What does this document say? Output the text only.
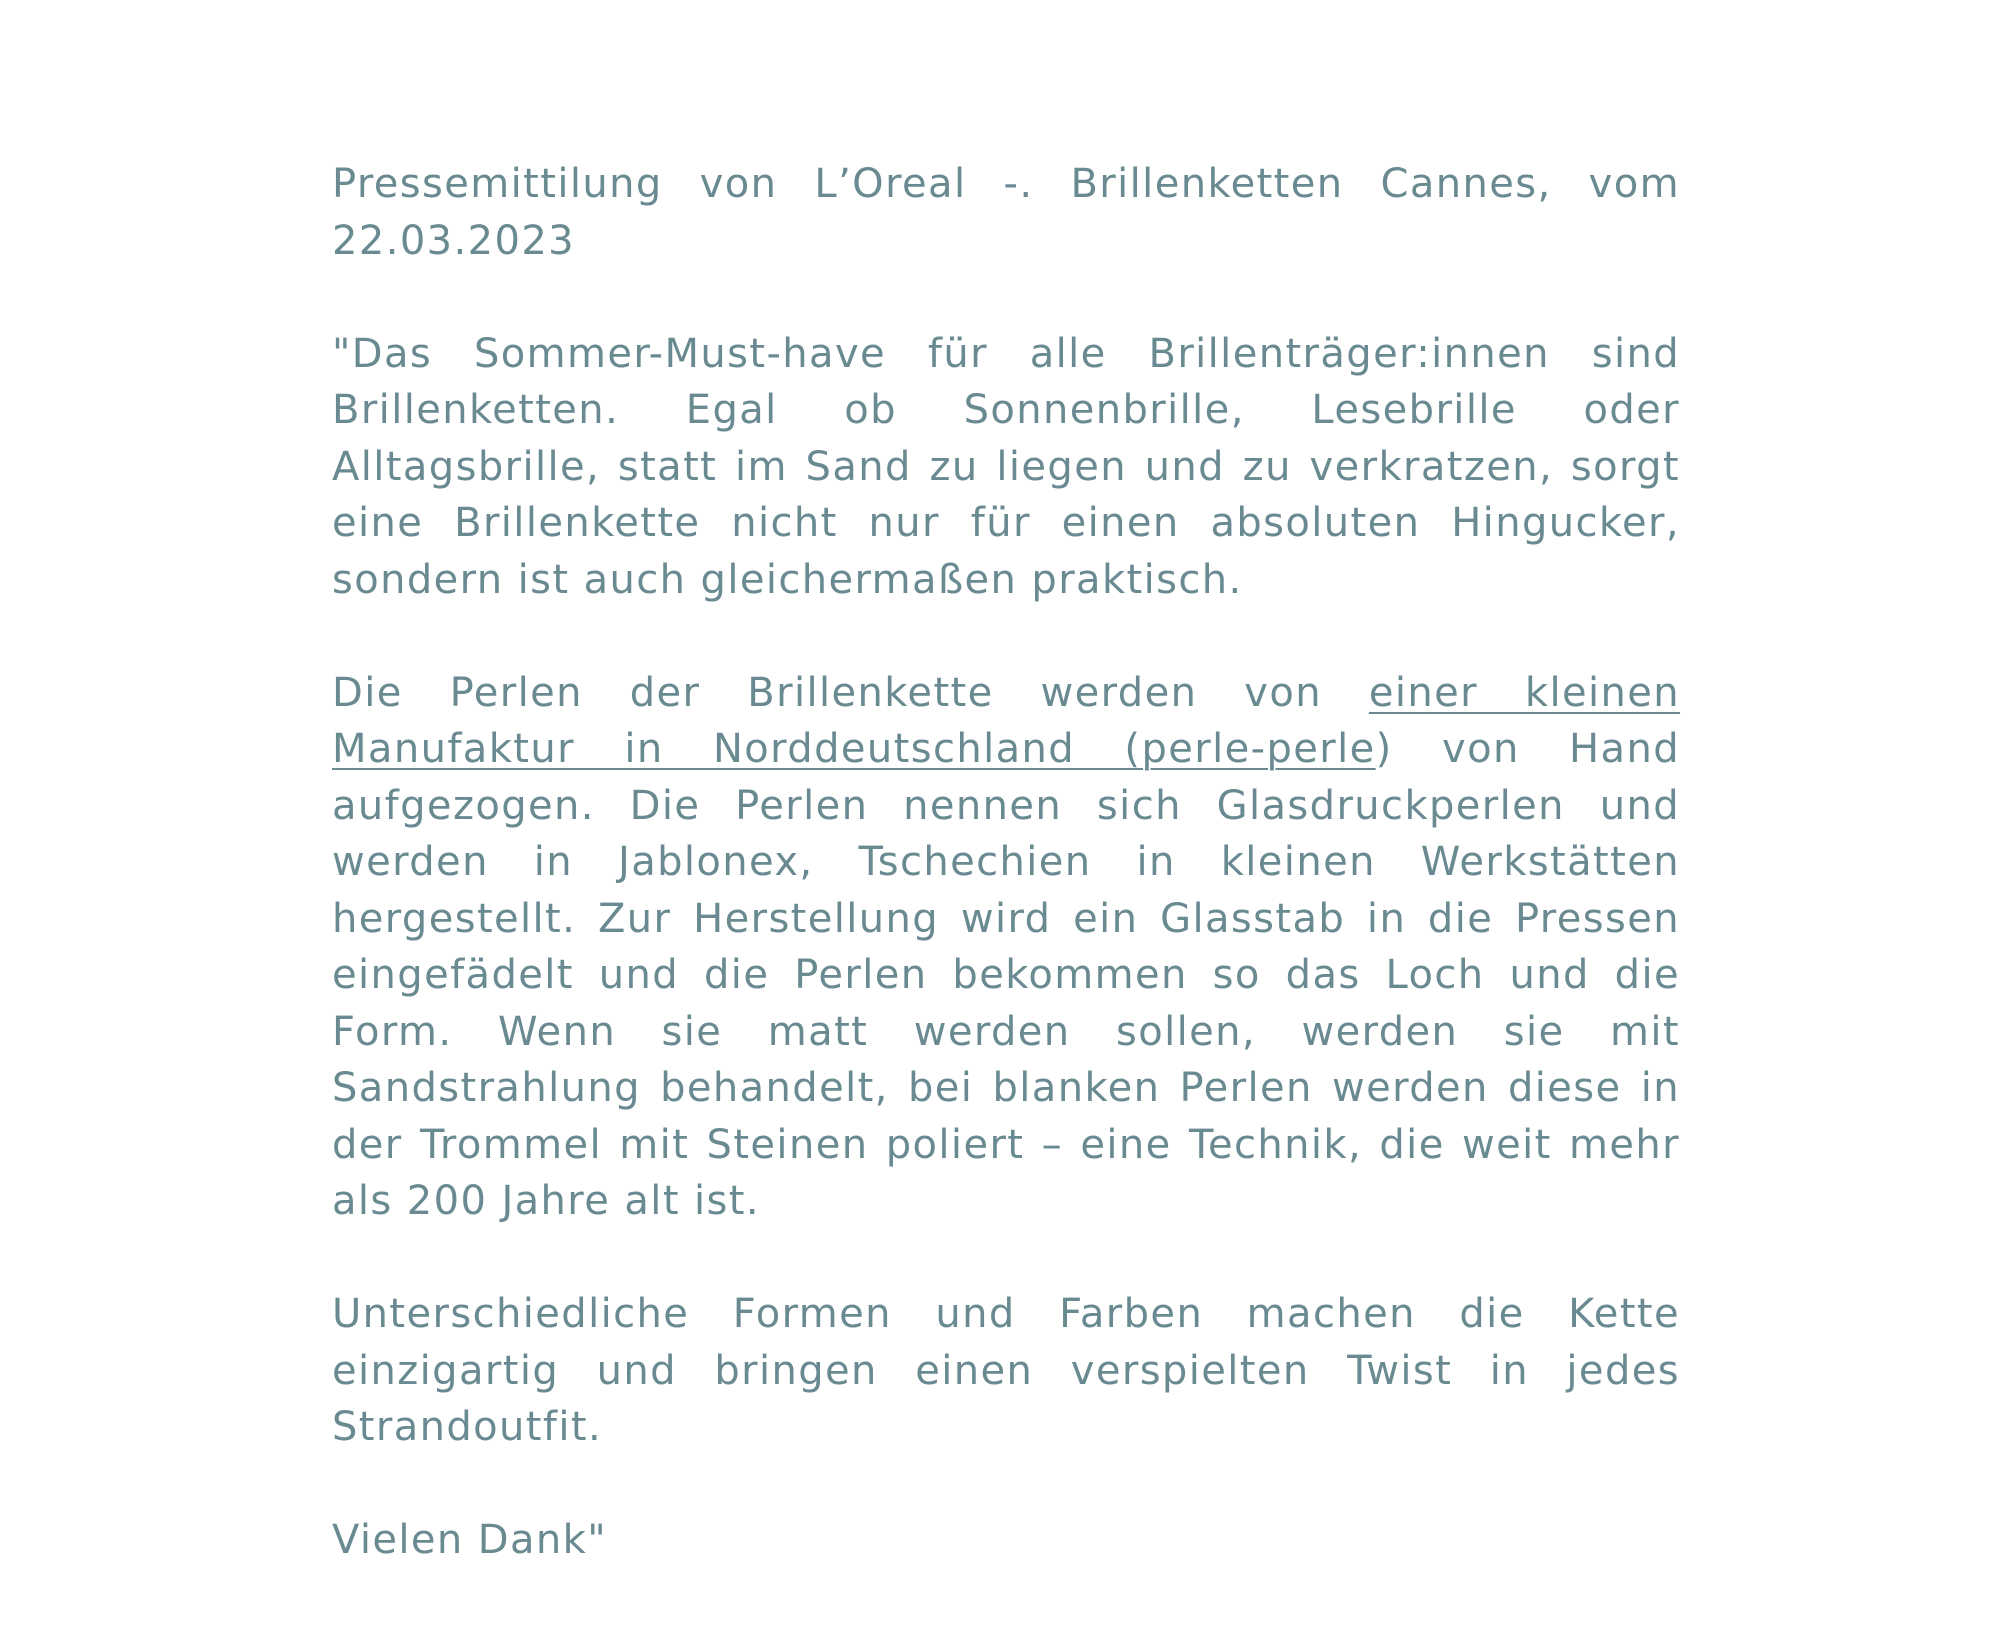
Pressemittilung von L’Oreal -. Brillenketten Cannes, vom 22.03.2023

"Das Sommer-Must-have für alle Brillenträger:innen sind Brillenketten. Egal ob Sonnenbrille, Lesebrille oder Alltagsbrille, statt im Sand zu liegen und zu verkratzen, sorgt eine Brillenkette nicht nur für einen absoluten Hingucker, sondern ist auch gleichermaßen praktisch.

Die Perlen der Brillenkette werden von einer kleinen Manufaktur in Norddeutschland (perle-perle) von Hand aufgezogen. Die Perlen nennen sich Glasdruckperlen und werden in Jablonex, Tschechien in kleinen Werkstätten hergestellt. Zur Herstellung wird ein Glasstab in die Pressen eingefädelt und die Perlen bekommen so das Loch und die Form. Wenn sie matt werden sollen, werden sie mit Sandstrahlung behandelt, bei blanken Perlen werden diese in der Trommel mit Steinen poliert – eine Technik, die weit mehr als 200 Jahre alt ist.

Unterschiedliche Formen und Farben machen die Kette einzigartig und bringen einen verspielten Twist in jedes Strandoutfit.

Vielen Dank"
